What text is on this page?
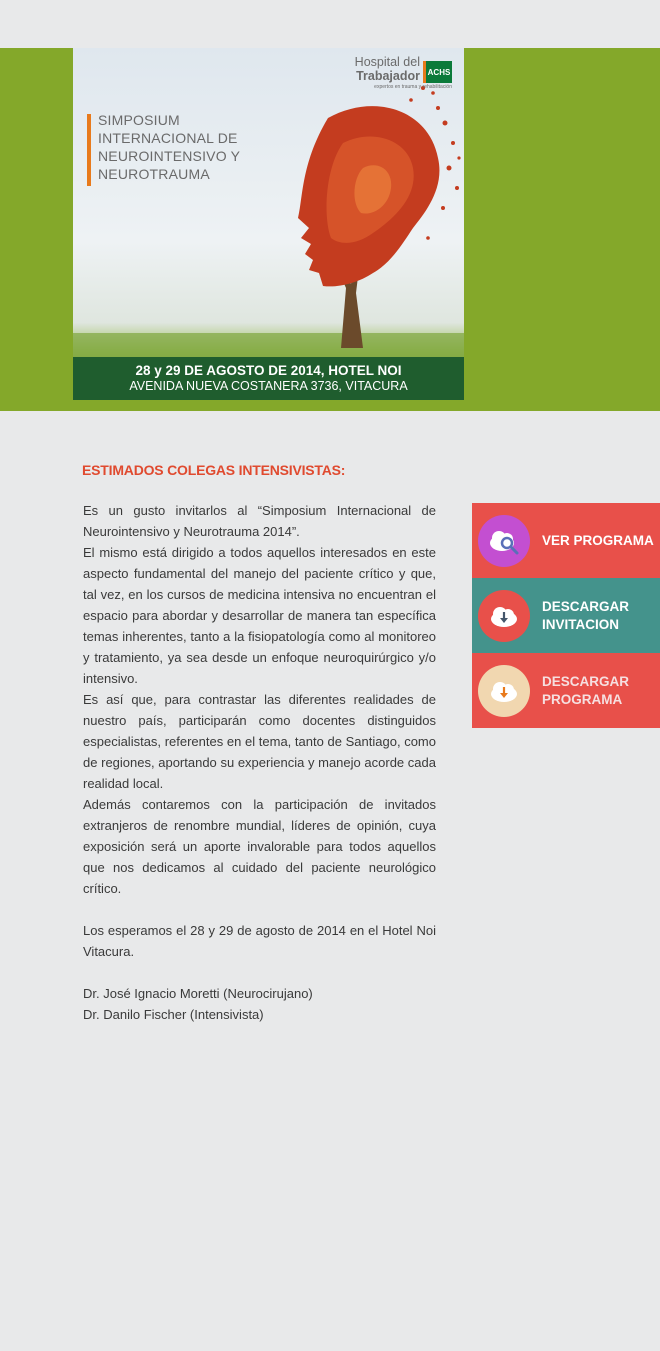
Hospital del
Trabajador ACHS
expertos en trauma y rehabilitación
SIMPOSIUM
INTERNACIONAL DE
NEUROINTENSIVO Y
NEUROTRAUMA
28 y 29 DE AGOSTO DE 2014, HOTEL NOI
AVENIDA NUEVA COSTANERA 3736, VITACURA
ESTIMADOS COLEGAS INTENSIVISTAS:

Es un gusto invitarlos al “Simposium Internacional de Neurointensivo y Neurotrauma 2014”.

El mismo está dirigido a todos aquellos interesados en este aspecto fundamental del manejo del paciente crítico y que, tal vez, en los cursos de medicina intensiva no encuentran el espacio para abordar y desarrollar de manera tan específica temas inherentes, tanto a la fisiopatología como al monitoreo y tratamiento, ya sea desde un enfoque neuroquirúrgico y/o intensivo.

Es así que, para contrastar las diferentes realidades de nuestro país, participarán como docentes distinguidos especialistas, referentes en el tema, tanto de Santiago, como de regiones, aportando su experiencia y manejo acorde cada realidad local.

Además contaremos con la participación de invitados extranjeros de renombre mundial, líderes de opinión, cuya exposición será un aporte invalorable para todos aquellos que nos dedicamos al cuidado del paciente neurológico crítico.

Los esperamos el 28 y 29 de agosto de 2014 en el Hotel Noi Vitacura.

Dr. José Ignacio Moretti (Neurocirujano)

Dr. Danilo Fischer (Intensivista)

VER PROGRAMA
DESCARGAR
INVITACION
DESCARGAR
PROGRAMA
